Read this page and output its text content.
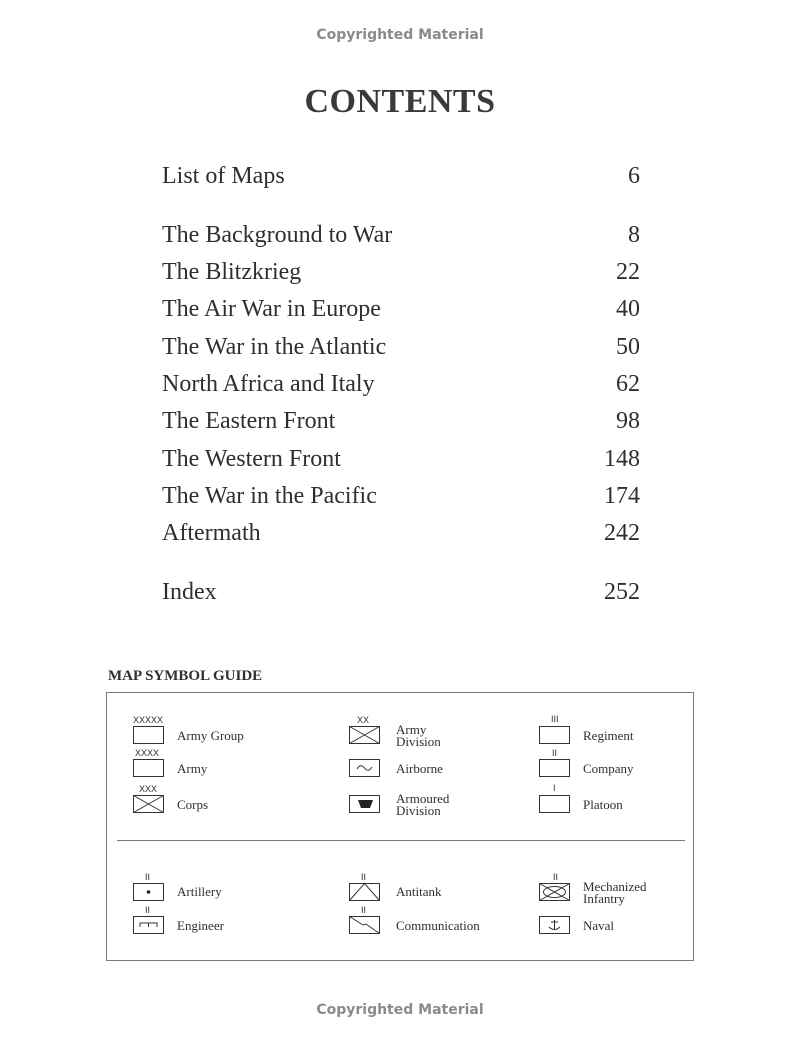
Copyrighted Material
CONTENTS
List of Maps	6
The Background to War	8
The Blitzkrieg	22
The Air War in Europe	40
The War in the Atlantic	50
North Africa and Italy	62
The Eastern Front	98
The Western Front	148
The War in the Pacific	174
Aftermath	242
Index	252
MAP SYMBOL GUIDE
XXXXX
Army Group
XXXX
Army
XXX
Corps
XX
Army
Division
Airborne
Armoured
Division
III
Regiment
II
Company
I
Platoon
II
Artillery
II
Engineer
II
Antitank
II
Communication
II
Mechanized
Infantry
Naval
Copyrighted Material
